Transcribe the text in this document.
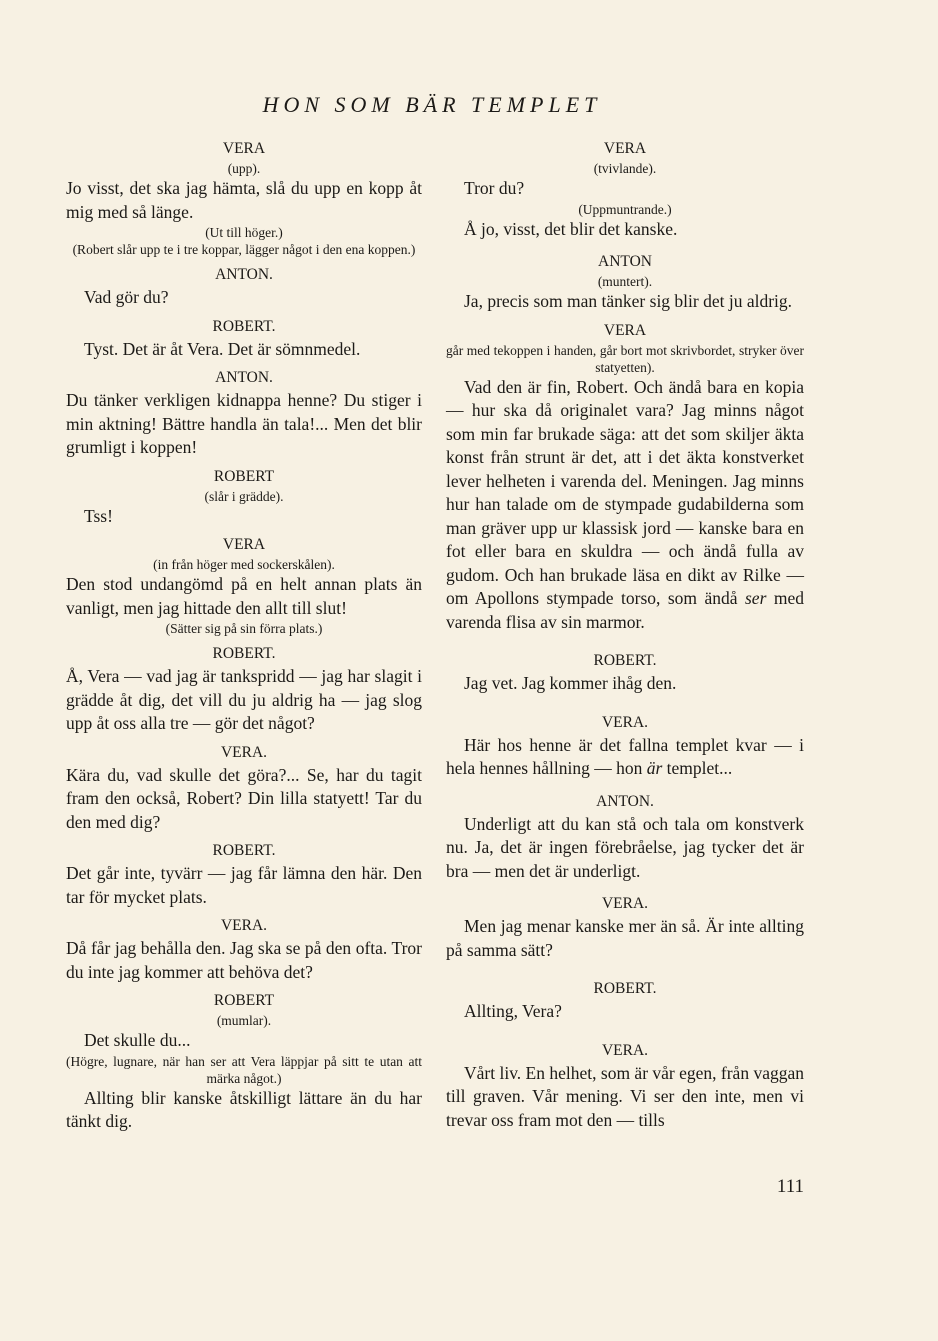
HON SOM BÄR TEMPLET
VERA
(upp).
Jo visst, det ska jag hämta, slå du upp en kopp åt mig med så länge.
(Ut till höger.)
(Robert slår upp te i tre koppar, lägger något i den ena koppen.)
ANTON.
Vad gör du?
ROBERT.
Tyst. Det är åt Vera. Det är sömnmedel.
ANTON.
Du tänker verkligen kidnappa henne? Du stiger i min aktning! Bättre handla än tala!... Men det blir grumligt i koppen!
ROBERT
(slår i grädde).
Tss!
VERA
(in från höger med sockerskålen).
Den stod undangömd på en helt annan plats än vanligt, men jag hittade den allt till slut!
(Sätter sig på sin förra plats.)
ROBERT.
Å, Vera — vad jag är tankspridd — jag har slagit i grädde åt dig, det vill du ju aldrig ha — jag slog upp åt oss alla tre — gör det något?
VERA.
Kära du, vad skulle det göra?... Se, har du tagit fram den också, Robert? Din lilla statyett! Tar du den med dig?
ROBERT.
Det går inte, tyvärr — jag får lämna den här. Den tar för mycket plats.
VERA.
Då får jag behålla den. Jag ska se på den ofta. Tror du inte jag kommer att behöva det?
ROBERT
(mumlar).
Det skulle du...
(Högre, lugnare, när han ser att Vera läppjar på sitt te utan att märka något.)
Allting blir kanske åtskilligt lättare än du har tänkt dig.
VERA
(tvivlande).
Tror du?
(Uppmuntrande.)
Å jo, visst, det blir det kanske.
ANTON
(muntert).
Ja, precis som man tänker sig blir det ju aldrig.
VERA
går med tekoppen i handen, går bort mot skrivbordet, stryker över statyetten).
Vad den är fin, Robert. Och ändå bara en kopia — hur ska då originalet vara? Jag minns något som min far brukade säga: att det som skiljer äkta konst från strunt är det, att i det äkta konstverket lever helheten i varenda del. Meningen. Jag minns hur han talade om de stympade gudabilderna som man gräver upp ur klassisk jord — kanske bara en fot eller bara en skuldra — och ändå fulla av gudom. Och han brukade läsa en dikt av Rilke — om Apollons stympade torso, som ändå ser med varenda flisa av sin marmor.
ROBERT.
Jag vet. Jag kommer ihåg den.
VERA.
Här hos henne är det fallna templet kvar — i hela hennes hållning — hon är templet...
ANTON.
Underligt att du kan stå och tala om konstverk nu. Ja, det är ingen förebråelse, jag tycker det är bra — men det är underligt.
VERA.
Men jag menar kanske mer än så. Är inte allting på samma sätt?
ROBERT.
Allting, Vera?
VERA.
Vårt liv. En helhet, som är vår egen, från vaggan till graven. Vår mening. Vi ser den inte, men vi trevar oss fram mot den — tills
111
